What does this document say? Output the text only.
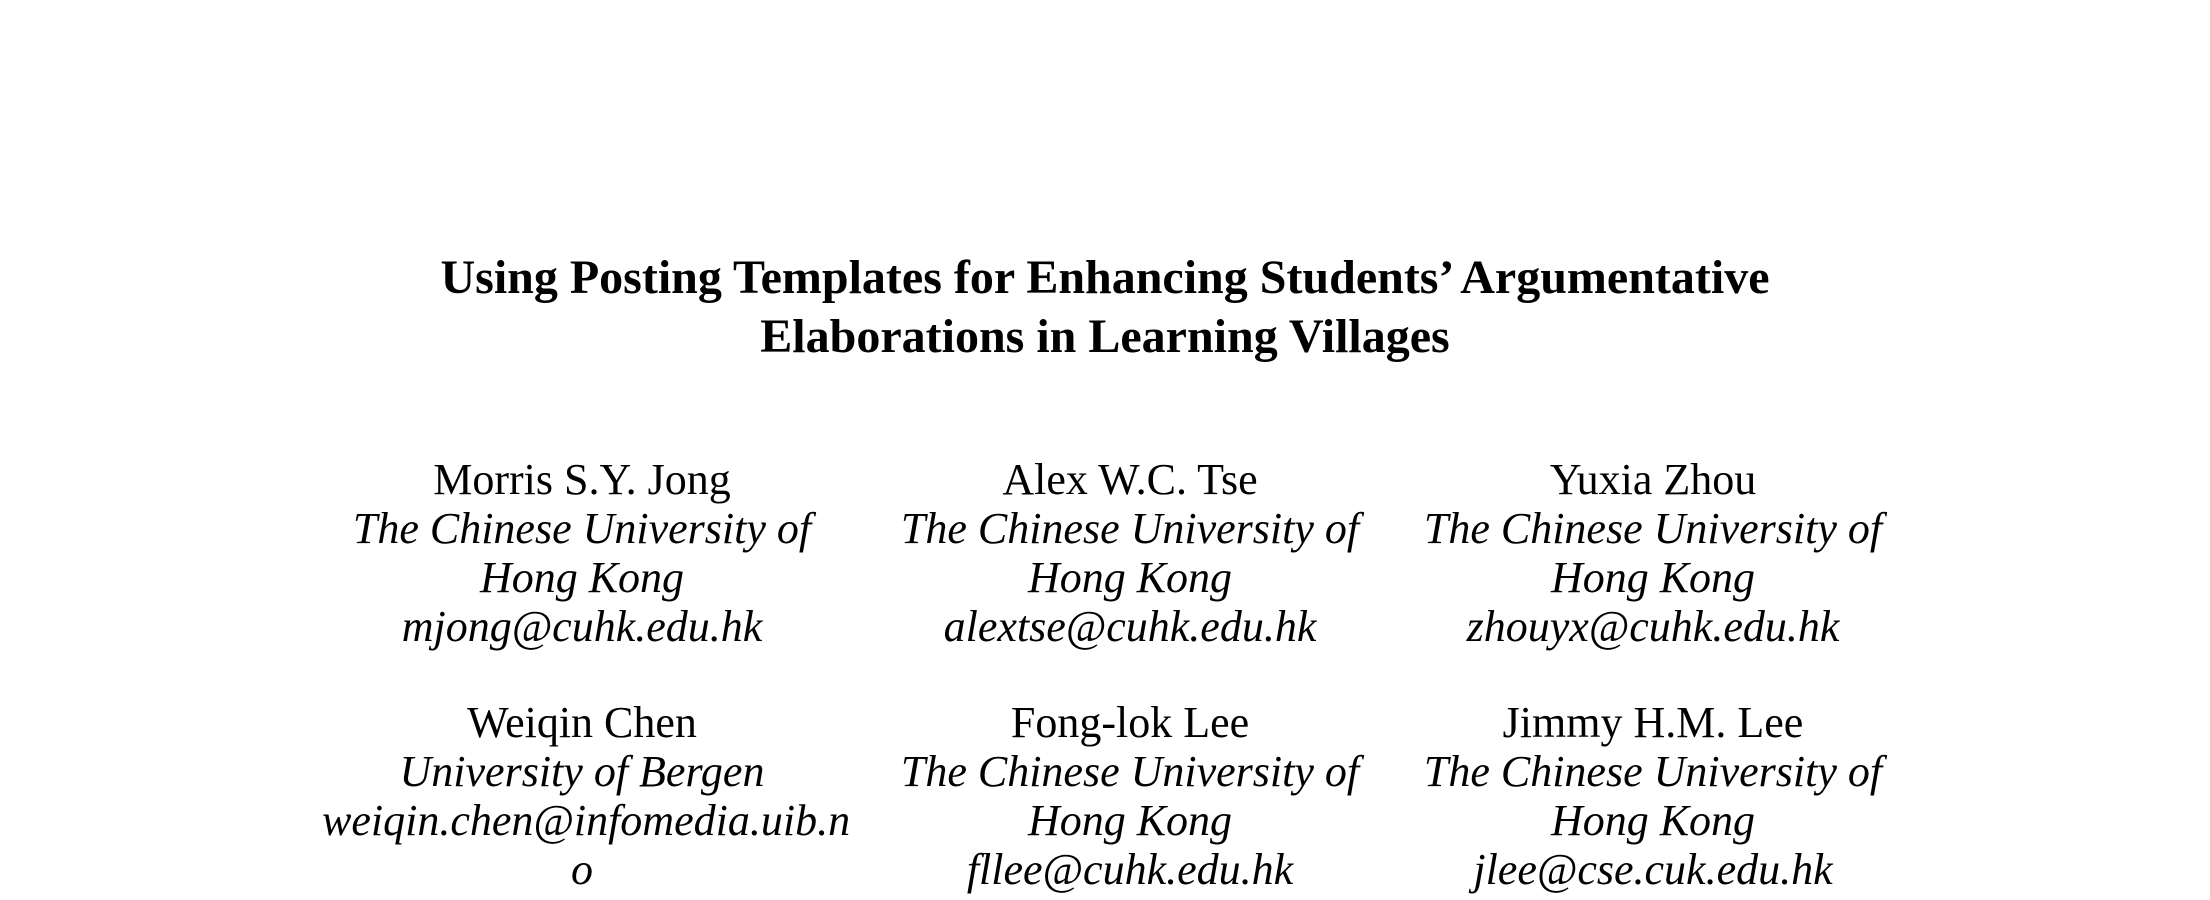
Using Posting Templates for Enhancing Students’ Argumentative
Elaborations in Learning Villages
Morris S.Y. Jong
The Chinese University of
Hong Kong
mjong@cuhk.edu.hk
Alex W.C. Tse
The Chinese University of
Hong Kong
alextse@cuhk.edu.hk
Yuxia Zhou
The Chinese University of
Hong Kong
zhouyx@cuhk.edu.hk
Weiqin Chen
University of Bergen
weiqin.chen@infomedia.uib.n
o
Fong-lok Lee
The Chinese University of
Hong Kong
fllee@cuhk.edu.hk
Jimmy H.M. Lee
The Chinese University of
Hong Kong
jlee@cse.cuk.edu.hk
